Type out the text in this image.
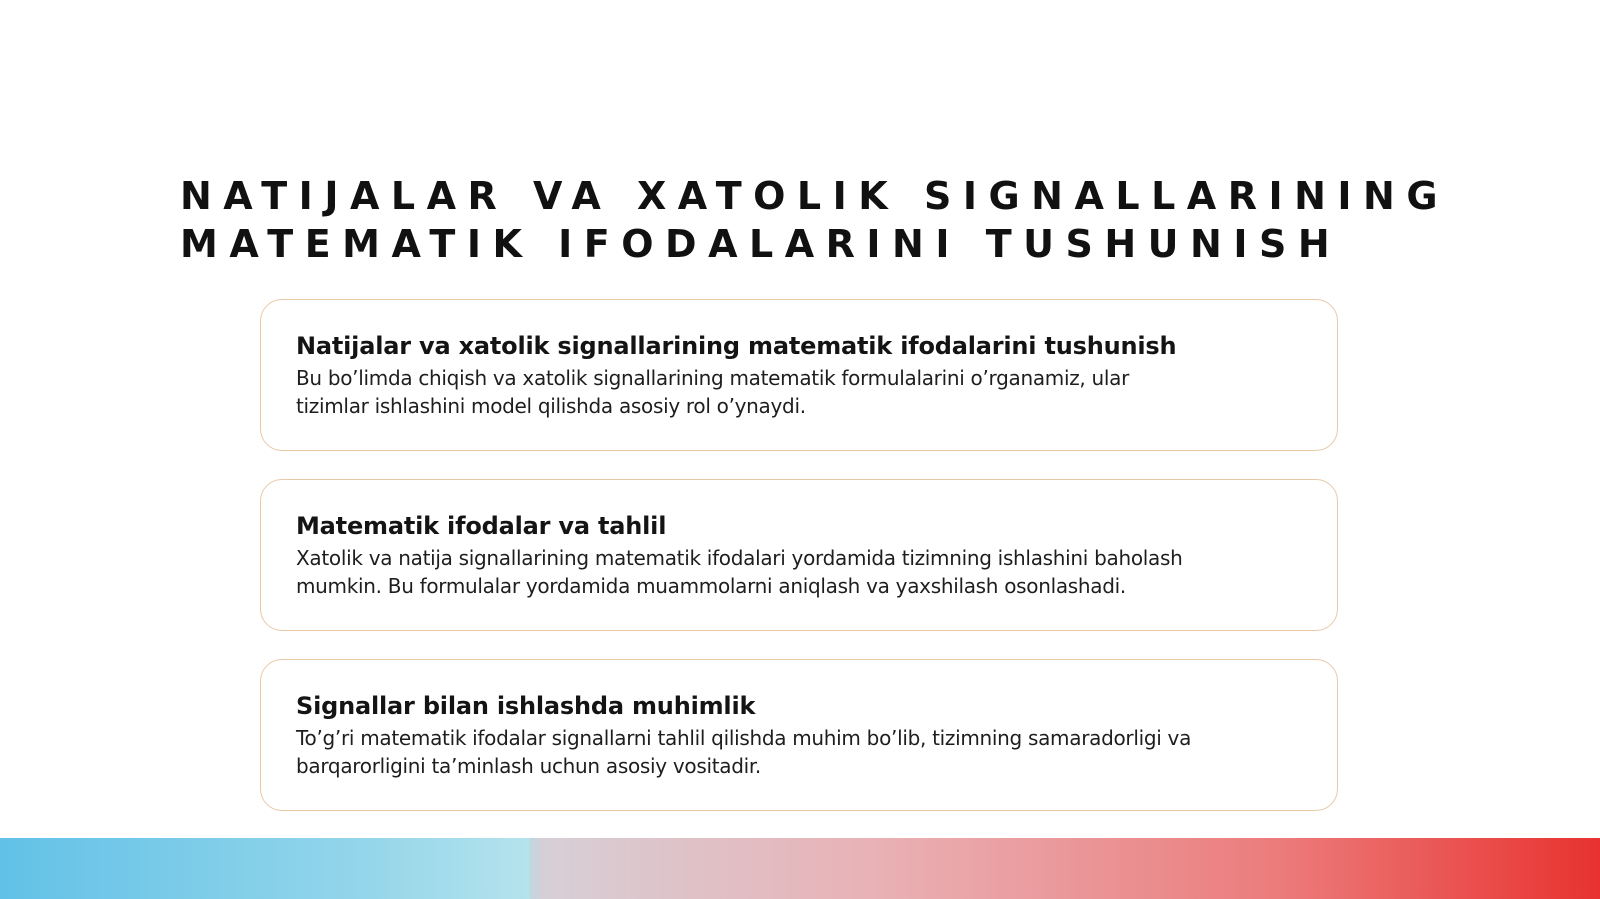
NATIJALAR VA XATOLIK SIGNALLARINING
MATEMATIK IFODALARINI TUSHUNISH
Natijalar va xatolik signallarining matematik ifodalarini tushunish

Bu bo’limda chiqish va xatolik signallarining matematik formulalarini o’rganamiz, ular

tizimlar ishlashini model qilishda asosiy rol o’ynaydi.

Matematik ifodalar va tahlil

Xatolik va natija signallarining matematik ifodalari yordamida tizimning ishlashini baholash

mumkin. Bu formulalar yordamida muammolarni aniqlash va yaxshilash osonlashadi.

Signallar bilan ishlashda muhimlik

To’g’ri matematik ifodalar signallarni tahlil qilishda muhim bo’lib, tizimning samaradorligi va

barqarorligini ta’minlash uchun asosiy vositadir.
